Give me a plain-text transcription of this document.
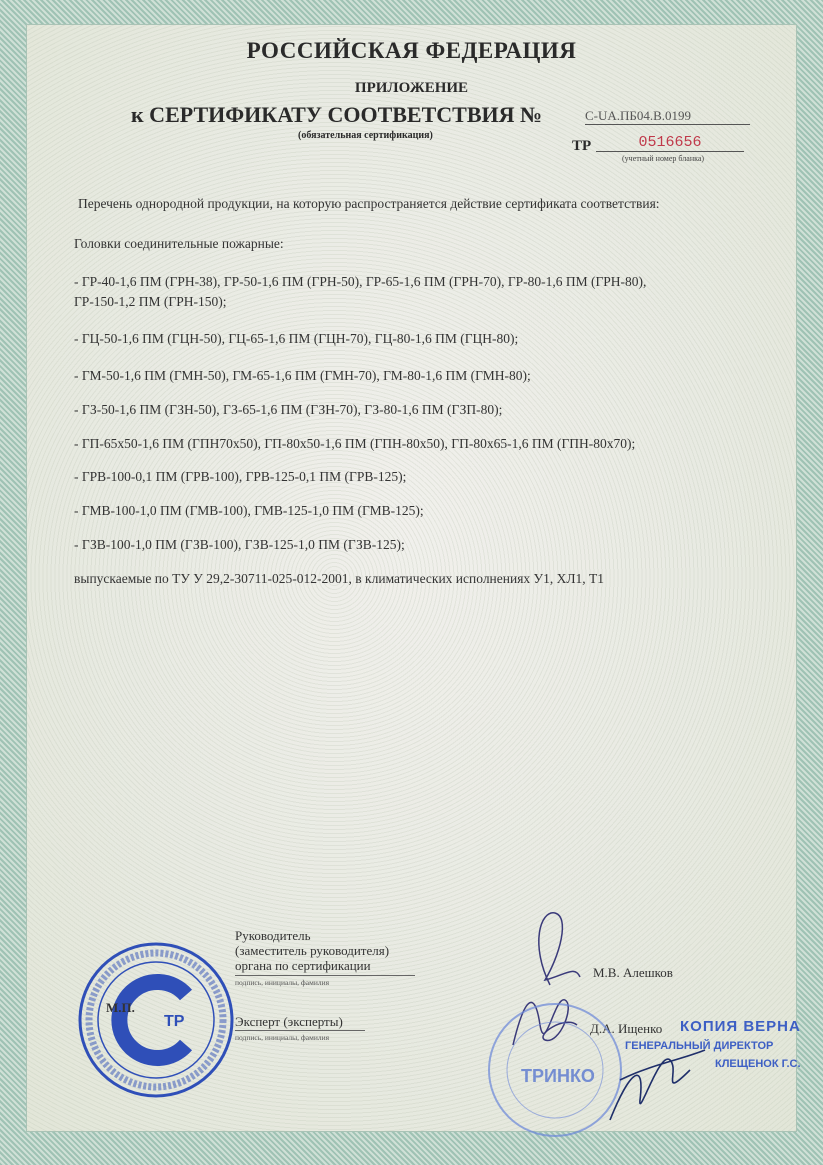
РОССИЙСКАЯ ФЕДЕРАЦИЯ
ПРИЛОЖЕНИЕ
к СЕРТИФИКАТУ СООТВЕТСТВИЯ №	С-UA.ПБ04.В.0199
(обязательная сертификация)
ТР	0516656
(учетный номер бланка)
Перечень однородной продукции, на которую распространяется действие сертификата соответствия:
Головки соединительные пожарные:
- ГР-40-1,6 ПМ (ГРН-38), ГР-50-1,6 ПМ (ГРН-50), ГР-65-1,6 ПМ (ГРН-70), ГР-80-1,6 ПМ (ГРН-80),
ГР-150-1,2 ПМ (ГРН-150);
- ГЦ-50-1,6 ПМ (ГЦН-50), ГЦ-65-1,6 ПМ (ГЦН-70), ГЦ-80-1,6 ПМ (ГЦН-80);
- ГМ-50-1,6 ПМ (ГМН-50), ГМ-65-1,6 ПМ (ГМН-70), ГМ-80-1,6 ПМ (ГМН-80);
- ГЗ-50-1,6 ПМ (ГЗН-50), ГЗ-65-1,6 ПМ (ГЗН-70), ГЗ-80-1,6 ПМ (ГЗП-80);
- ГП-65х50-1,6 ПМ (ГПН70х50), ГП-80х50-1,6 ПМ (ГПН-80х50), ГП-80х65-1,6 ПМ (ГПН-80х70);
- ГРВ-100-0,1 ПМ (ГРВ-100), ГРВ-125-0,1 ПМ (ГРВ-125);
- ГМВ-100-1,0 ПМ (ГМВ-100), ГМВ-125-1,0 ПМ (ГМВ-125);
- ГЗВ-100-1,0 ПМ (ГЗВ-100), ГЗВ-125-1,0 ПМ (ГЗВ-125);
выпускаемые по ТУ У 29,2-30711-025-012-2001, в климатических исполнениях У1, ХЛ1, Т1
Руководитель
(заместитель руководителя)
органа по сертификации
подпись, инициалы, фамилия
Эксперт (эксперты)
подпись, инициалы, фамилия
М.В. Алешков
Д.А. Ищенко
ТР
М.П.
ТРИНКО
КОПИЯ ВЕРНА
ГЕНЕРАЛЬНЫЙ ДИРЕКТОР
КЛЕЩЕНОК Г.С.
